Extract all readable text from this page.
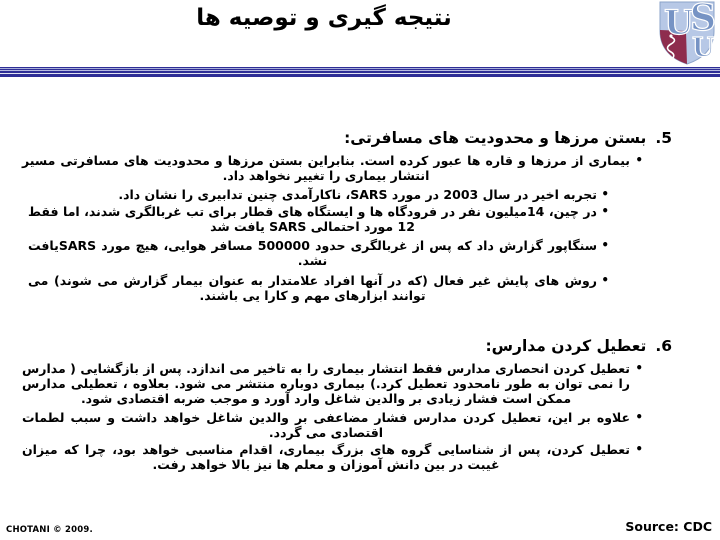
نتیجه گیری و توصیه ها	U
S
U
5.
بستن مرزها و محدودیت های مسافرتی:
•
بیماری از مرزها و قاره ها عبور کرده است. بنابراین بستن مرزها و محدودیت های مسافرتی مسیر انتشار بیماری را تغییر نخواهد داد.
•
تجربه اخیر در سال 2003 در مورد SARS، ناکارآمدی چنین تدابیری را نشان داد.
•
در چین، 14میلیون نفر در فرودگاه ها و ایستگاه های قطار برای تب غربالگری شدند، اما فقط 12 مورد احتمالی SARS یافت شد
•
سنگاپور گزارش داد که پس از غربالگری حدود 500000 مسافر هوایی، هیچ مورد SARSیافت نشد.
•
روش های پایش غیر فعال (که در آنها افراد علامتدار به عنوان بیمار گزارش می شوند) می توانند ابزارهای مهم و کارا یی باشند.
6.
تعطیل کردن مدارس:
•
تعطیل کردن انحصاری مدارس فقط انتشار بیماری را به تاخیر می اندازد. پس از بازگشایی ( مدارس را نمی توان به طور نامحدود تعطیل کرد.) بیماری دوباره منتشر می شود. بعلاوه ، تعطیلی مدارس ممکن است فشار زیادی بر والدین شاغل وارد آورد و موجب ضربه اقتصادی شود.
•
علاوه بر این، تعطیل کردن مدارس فشار مضاعفی بر والدین شاغل خواهد داشت و سبب لطمات اقتصادی می گردد.
•
تعطیل کردن، پس از شناسایی گروه های بزرگ بیماری، اقدام مناسبی خواهد بود، چرا که میزان غیبت در بین دانش آموزان و معلم ها نیز بالا خواهد رفت.
CHOTANI © 2009.	Source: CDC
